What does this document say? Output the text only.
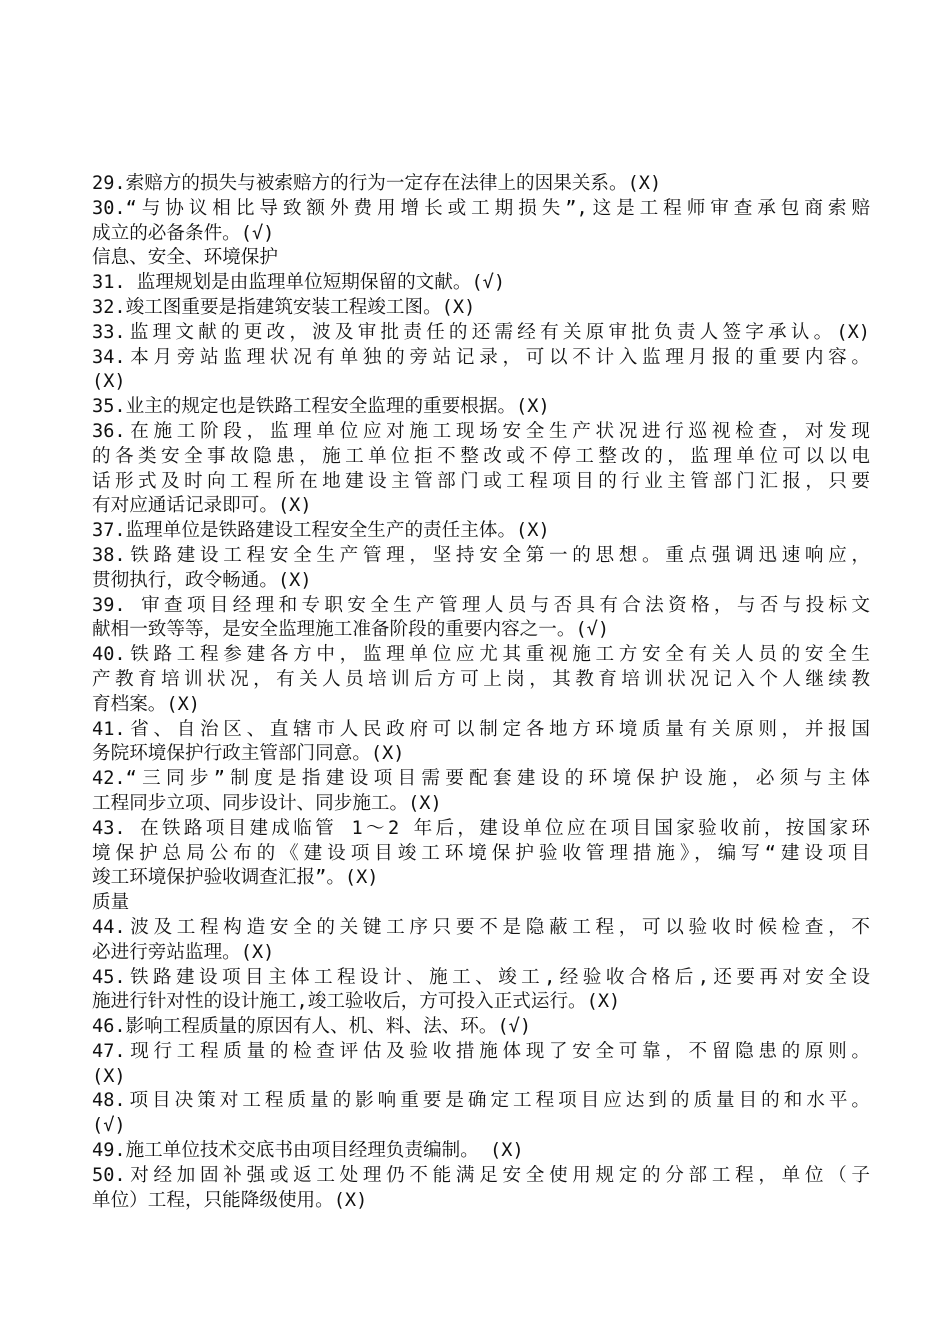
29.索赔方的损失与被索赔方的行为一定存在法律上的因果关系。(X)
30.“与协议相比导致额外费用增长或工期损失”,这是工程师审查承包商索赔
成立的必备条件。(√)
信息、安全、环境保护
31. 监理规划是由监理单位短期保留的文献。(√)
32.竣工图重要是指建筑安装工程竣工图。(X)
33.监理文献的更改，波及审批责任的还需经有关原审批负责人签字承认。(X)
34.本月旁站监理状况有单独的旁站记录，可以不计入监理月报的重要内容。
(X)
35.业主的规定也是铁路工程安全监理的重要根据。(X)
36.在施工阶段，监理单位应对施工现场安全生产状况进行巡视检查，对发现
的各类安全事故隐患，施工单位拒不整改或不停工整改的，监理单位可以以电
话形式及时向工程所在地建设主管部门或工程项目的行业主管部门汇报，只要
有对应通话记录即可。(X)
37.监理单位是铁路建设工程安全生产的责任主体。(X)
38.铁路建设工程安全生产管理，坚持安全第一的思想。重点强调迅速响应，
贯彻执行，政令畅通。(X)
39. 审查项目经理和专职安全生产管理人员与否具有合法资格，与否与投标文
献相一致等等，是安全监理施工准备阶段的重要内容之一。(√)
40.铁路工程参建各方中，监理单位应尤其重视施工方安全有关人员的安全生
产教育培训状况，有关人员培训后方可上岗，其教育培训状况记入个人继续教
育档案。(X)
41.省、自治区、直辖市人民政府可以制定各地方环境质量有关原则，并报国
务院环境保护行政主管部门同意。(X)
42.“三同步”制度是指建设项目需要配套建设的环境保护设施，必须与主体
工程同步立项、同步设计、同步施工。(X)
43. 在铁路项目建成临管 1～2 年后，建设单位应在项目国家验收前，按国家环
境保护总局公布的《建设项目竣工环境保护验收管理措施》，编写“建设项目
竣工环境保护验收调查汇报”。(X)
质量
44.波及工程构造安全的关键工序只要不是隐蔽工程，可以验收时候检查，不
必进行旁站监理。(X)
45.铁路建设项目主体工程设计、施工、竣工,经验收合格后,还要再对安全设
施进行针对性的设计施工,竣工验收后，方可投入正式运行。(X)
46.影响工程质量的原因有人、机、料、法、环。(√)
47.现行工程质量的检查评估及验收措施体现了安全可靠，不留隐患的原则。
(X)
48.项目决策对工程质量的影响重要是确定工程项目应达到的质量目的和水平。
(√)
49.施工单位技术交底书由项目经理负责编制。 (X)
50.对经加固补强或返工处理仍不能满足安全使用规定的分部工程，单位（子
单位）工程，只能降级使用。(X)
